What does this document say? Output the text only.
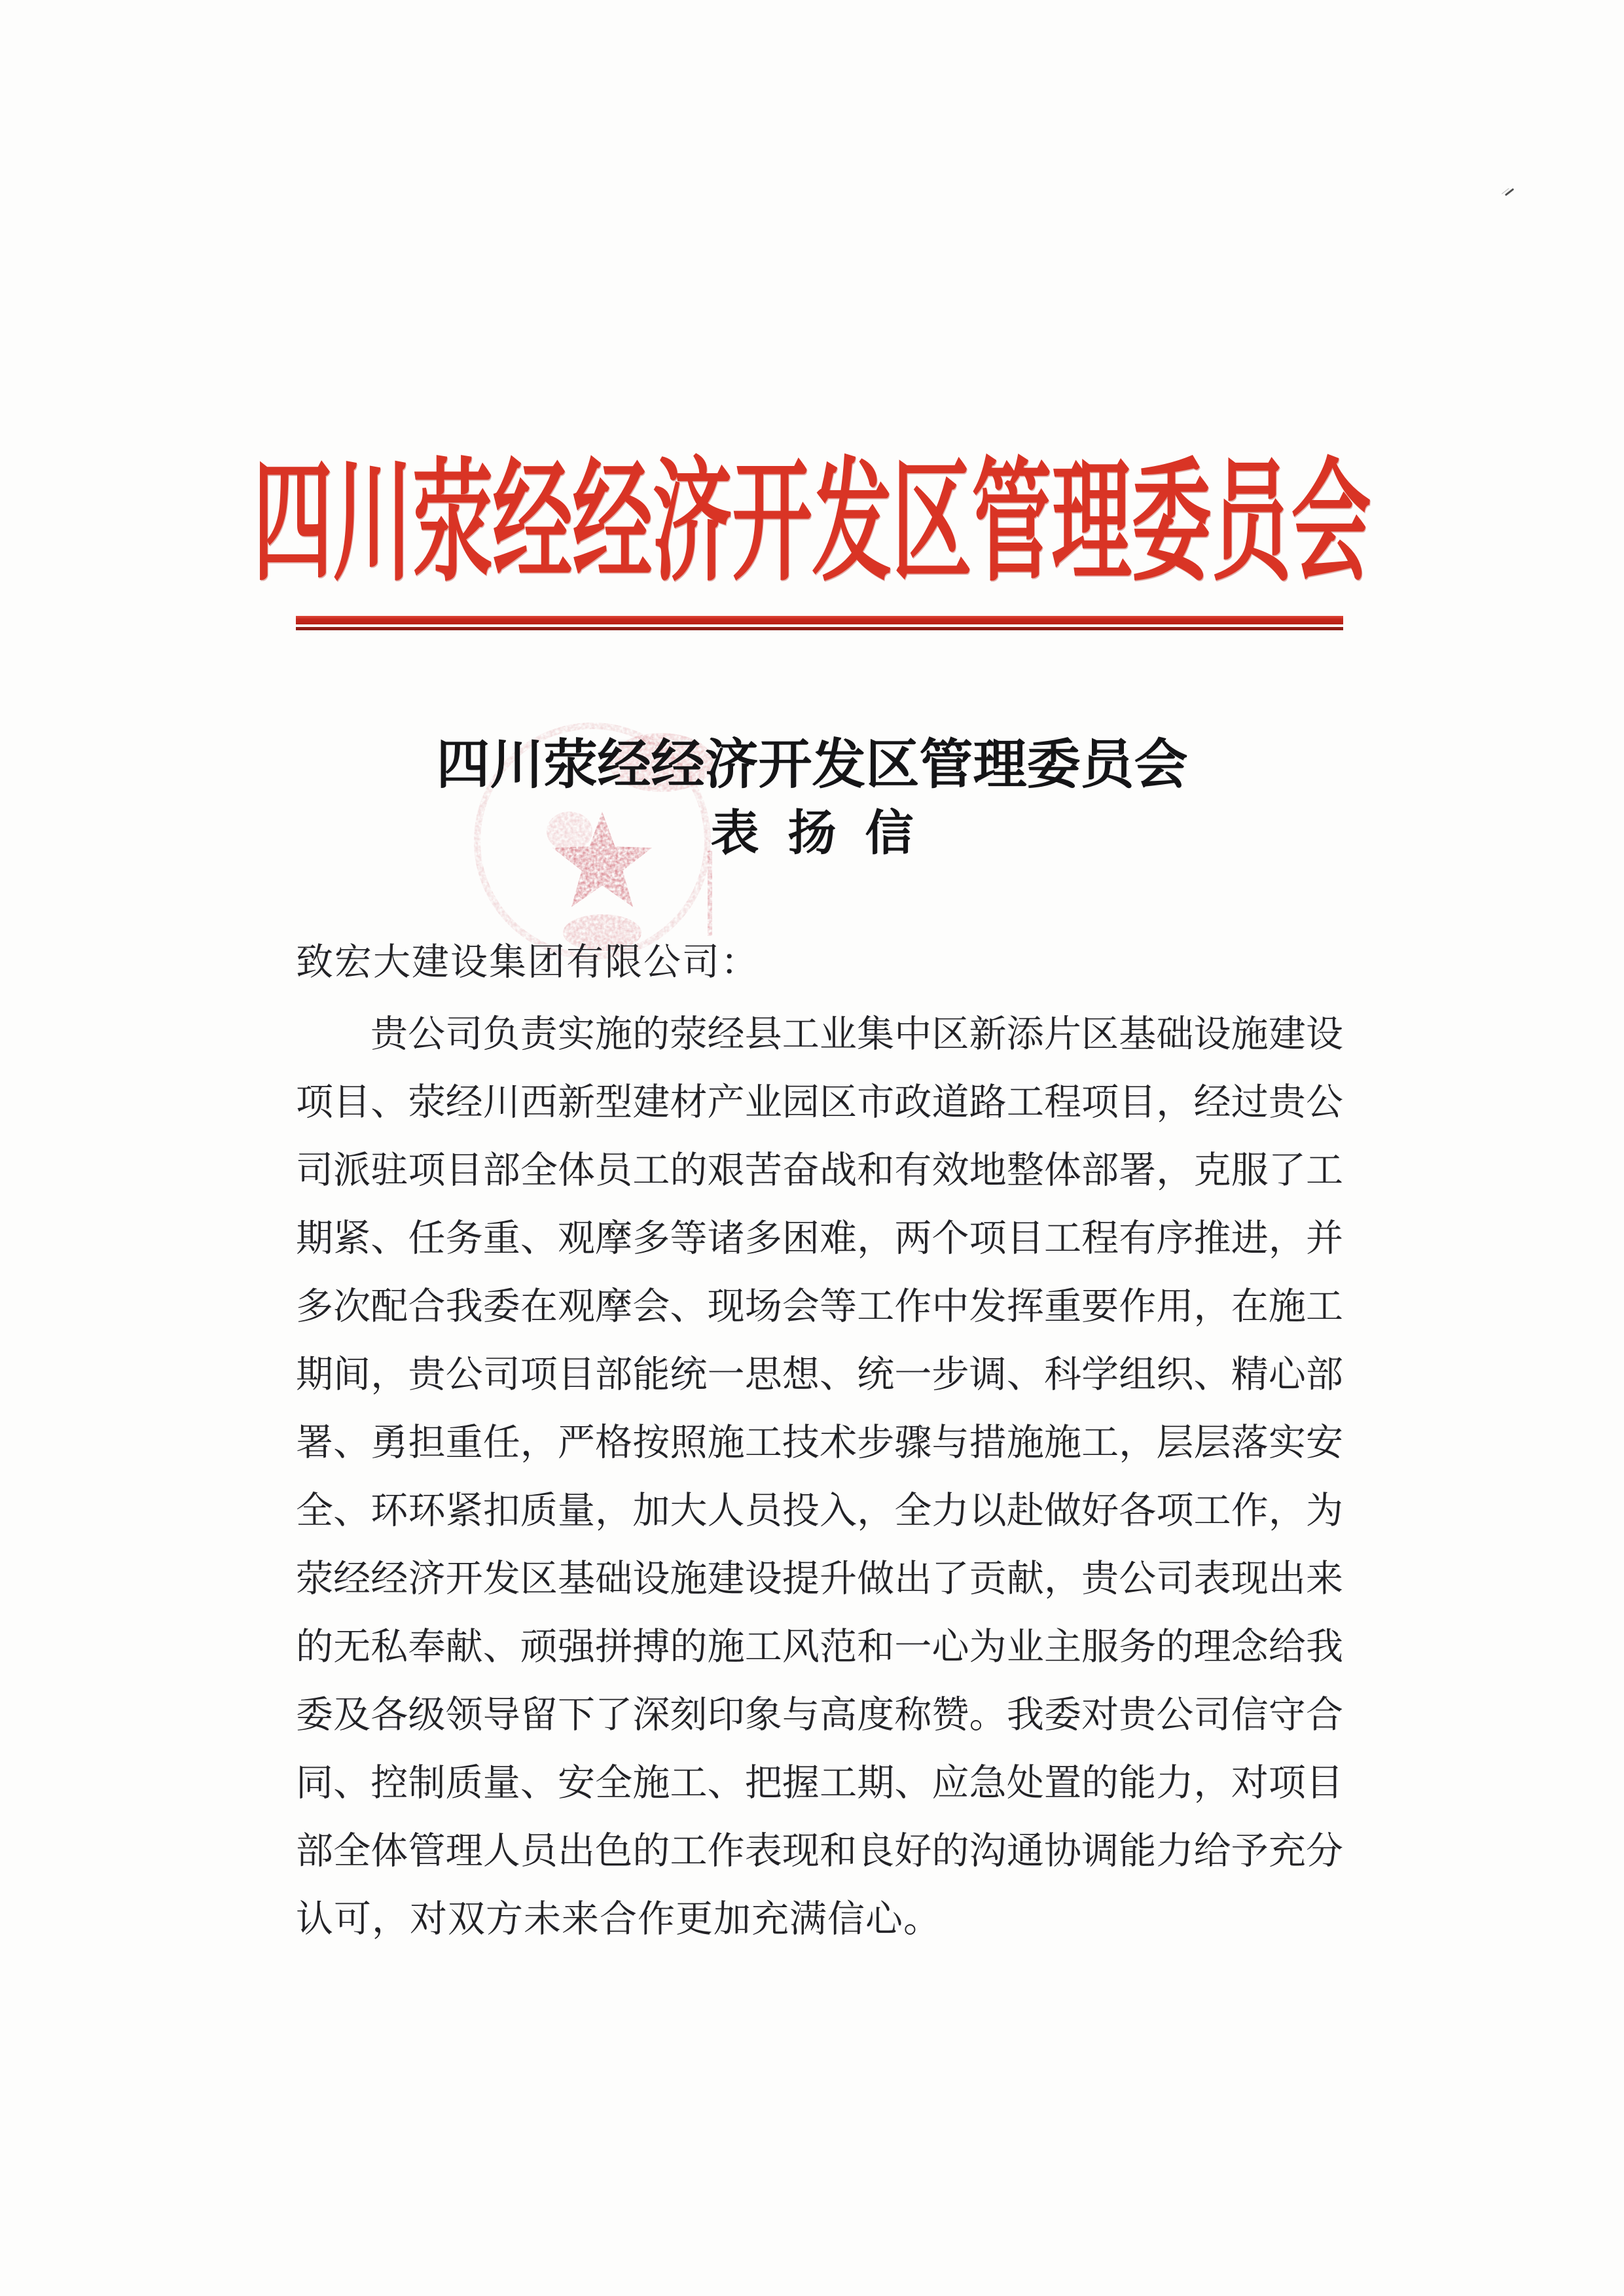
四川荥经经济开发区管理委员会
四川荥经经济开发区管理委员会
表扬信
致宏大建设集团有限公司：
贵公司负责实施的荥经县工业集中区新添片区基础设施建设
项目、荥经川西新型建材产业园区市政道路工程项目，经过贵公
司派驻项目部全体员工的艰苦奋战和有效地整体部署，克服了工
期紧、任务重、观摩多等诸多困难，两个项目工程有序推进，并
多次配合我委在观摩会、现场会等工作中发挥重要作用，在施工
期间，贵公司项目部能统一思想、统一步调、科学组织、精心部
署、勇担重任，严格按照施工技术步骤与措施施工，层层落实安
全、环环紧扣质量，加大人员投入，全力以赴做好各项工作，为
荥经经济开发区基础设施建设提升做出了贡献，贵公司表现出来
的无私奉献、顽强拼搏的施工风范和一心为业主服务的理念给我
委及各级领导留下了深刻印象与高度称赞。我委对贵公司信守合
同、控制质量、安全施工、把握工期、应急处置的能力，对项目
部全体管理人员出色的工作表现和良好的沟通协调能力给予充分
认可，对双方未来合作更加充满信心。
